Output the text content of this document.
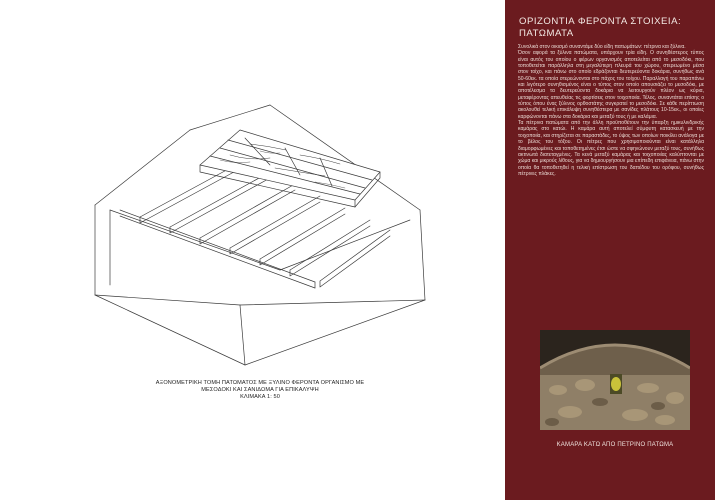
ΑΞΟΝΟΜΕΤΡΙΚΗ ΤΟΜΗ ΠΑΤΩΜΑΤΟΣ ΜΕ ΞΥΛΙΝΟ ΦΕΡΟΝΤΑ ΟΡΓΑΝΙΣΜΟ ΜΕ
ΜΕΣΟΔΟΚΙ ΚΑΙ ΣΑΝΙΔΩΜΑ ΓΙΑ ΕΠΙΚΑΛΥΨΗ
ΚΛΙΜΑΚΑ 1: 50
ΟΡΙΖΟΝΤΙΑ ΦΕΡΟΝΤΑ ΣΤΟΙΧΕΙΑ:
ΠΑΤΩΜΑΤΑ

Συνολικά στον οικισμό συναντάμε δύο είδη πατωμάτων: πέτρινα και ξύλινα.

Όσον αφορά τα ξύλινα πατώματα, υπάρχουν τρία είδη. Ο συνηθέστερος τύπος είναι αυτός του οποίου ο φέρων οργανισμός αποτελείται από το μεσοδόκι, που τοποθετείται παράλληλα στη μεγαλύτερη πλευρά του χώρου, στερεωμένο μέσα στον τοίχο, και πάνω στο οποίο εδράζονται δευτερεύοντα δοκάρια, συνήθως ανά 50-60εκ. τα οποία στερεώνονται στο πάχος του τοίχου. Παραλλαγή του παραπάνω και λιγότερο συνηθισμένος είναι ο τύπος στον οποίο απουσιάζει το μεσοδόκι, με αποτέλεσμα τα δευτερεύοντα δοκάρια να λειτουργούν πλέον ως κύρια, μεταφέροντας απευθείας τις φορτίσεις στον τοιχοποιία. Τέλος, συναντάται επίσης ο τύπος όπου ένας ξύλινος ορθοστάτης συγκρατεί το μεσοδόκι. Σε κάθε περίπτωση ακολουθεί τελική επικάλυψη συνηθέστερα με σανίδες πλάτους 10-15εκ., οι οποίες καρφώνονται πάνω στα δοκάρια και μεταξύ τους ή με καλάμια.

Τα πέτρινα πατώματα από την άλλη προϋποθέτουν την ύπαρξη ημικυλινδρικής καμάρας στο κατώι. Η καμάρα αυτή αποτελεί σύμφυτη κατασκευή με την τοιχοποιία, και στηρίζεται σε παραστάδες, το ύψος των οποίων ποικίλει ανάλογα με το βέλος του τόξου. Οι πέτρες που χρησιμοποιούνται είναι κατάλληλα διαμορφωμένες και τοποθετημένες έτσι ώστε να σφηνώνουν μεταξύ τους, συνήθως ακτινωτά διατεταγμένες. Τα κενά μεταξύ καμάρας και τοιχοποιίας καλύπτονται με χώμα και μικρούς λίθους, για να δημιουργήσουν μια επίπεδη επιφάνεια, πάνω στην οποία θα τοποθετηθεί η τελική επίστρωση του δαπέδου του ορόφου, συνήθως πέτρινες πλάκες.

ΚΑΜΑΡΑ ΚΑΤΩ ΑΠΟ ΠΕΤΡΙΝΟ ΠΑΤΩΜΑ
